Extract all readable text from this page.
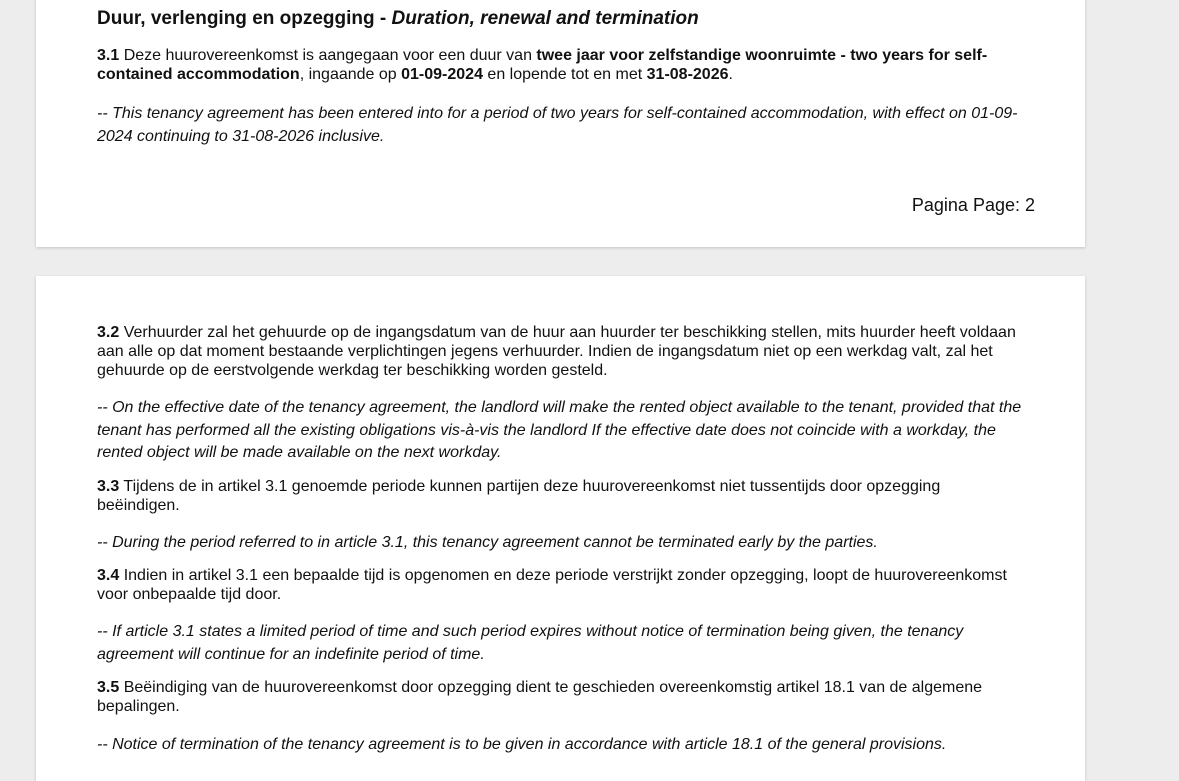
Duur, verlenging en opzegging - Duration, renewal and termination

3.1 Deze huurovereenkomst is aangegaan voor een duur van twee jaar voor zelfstandige woonruimte - two years for self-contained accommodation, ingaande op 01-09-2024 en lopende tot en met 31-08-2026.

-- This tenancy agreement has been entered into for a period of two years for self-contained accommodation, with effect on 01-09-2024 continuing to 31-08-2026 inclusive.

Pagina Page: 2

3.2 Verhuurder zal het gehuurde op de ingangsdatum van de huur aan huurder ter beschikking stellen, mits huurder heeft voldaan aan alle op dat moment bestaande verplichtingen jegens verhuurder. Indien de ingangsdatum niet op een werkdag valt, zal het gehuurde op de eerstvolgende werkdag ter beschikking worden gesteld.

-- On the effective date of the tenancy agreement, the landlord will make the rented object available to the tenant, provided that the tenant has performed all the existing obligations vis-à-vis the landlord If the effective date does not coincide with a workday, the rented object will be made available on the next workday.

3.3 Tijdens de in artikel 3.1 genoemde periode kunnen partijen deze huurovereenkomst niet tussentijds door opzegging beëindigen.

-- During the period referred to in article 3.1, this tenancy agreement cannot be terminated early by the parties.

3.4 Indien in artikel 3.1 een bepaalde tijd is opgenomen en deze periode verstrijkt zonder opzegging, loopt de huurovereenkomst voor onbepaalde tijd door.

-- If article 3.1 states a limited period of time and such period expires without notice of termination being given, the tenancy agreement will continue for an indefinite period of time.

3.5 Beëindiging van de huurovereenkomst door opzegging dient te geschieden overeenkomstig artikel 18.1 van de algemene bepalingen.

-- Notice of termination of the tenancy agreement is to be given in accordance with article 18.1 of the general provisions.
